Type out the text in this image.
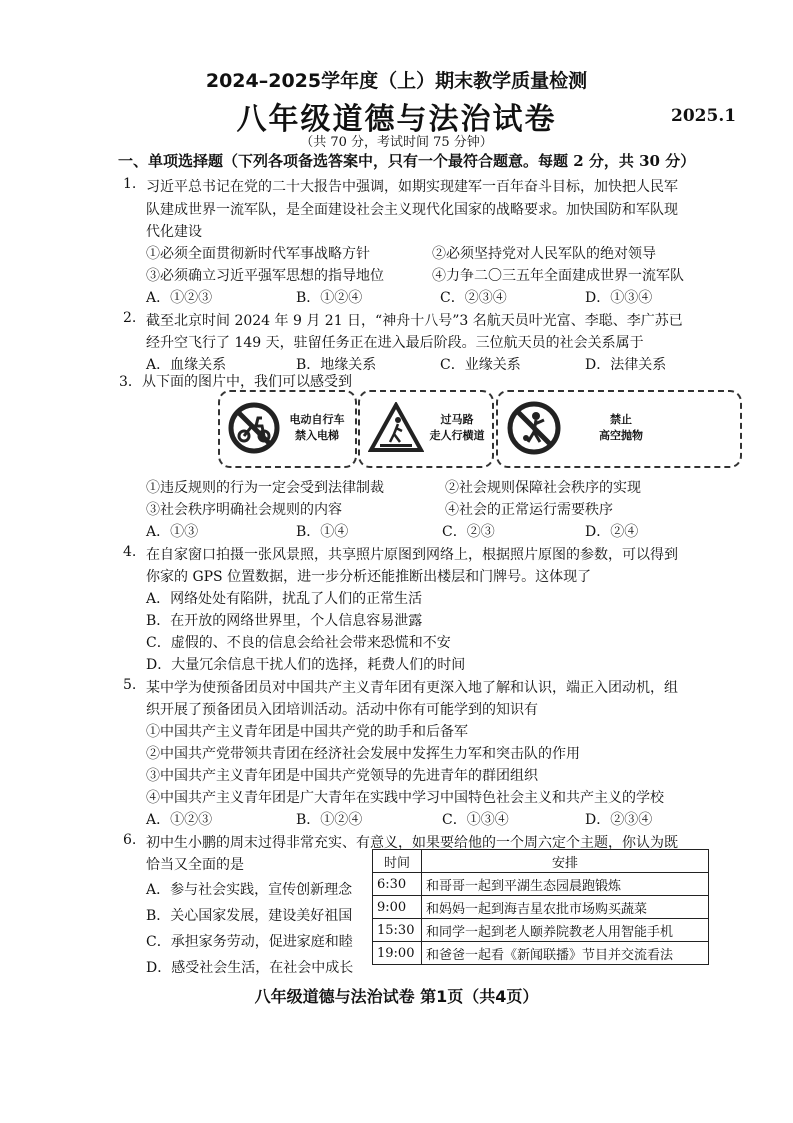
2024–2025学年度（上）期末教学质量检测
八年级道德与法治试卷	2025.1
（共 70 分，考试时间 75 分钟）
一、单项选择题（下列各项备选答案中，只有一个最符合题意。每题 2 分，共 30 分）
1. 习近平总书记在党的二十大报告中强调，如期实现建军一百年奋斗目标，加快把人民军
队建成世界一流军队，是全面建设社会主义现代化国家的战略要求。加快国防和军队现
代化建设
①必须全面贯彻新时代军事战略方针	②必须坚持党对人民军队的绝对领导
③必须确立习近平强军思想的指导地位	④力争二〇三五年全面建成世界一流军队
A．①②③	B．①②④	C．②③④	D．①③④
2. 截至北京时间 2024 年 9 月 21 日，“神舟十八号”3 名航天员叶光富、李聪、李广苏已
经升空飞行了 149 天，驻留任务正在进入最后阶段。三位航天员的社会关系属于
A．血缘关系	B．地缘关系	C．业缘关系	D．法律关系
3． 从下面的图片中，我们可以感受到
电动自行车
禁入电梯
过马路
走人行横道
禁止
高空抛物
①违反规则的行为一定会受到法律制裁	②社会规则保障社会秩序的实现
③社会秩序明确社会规则的内容	④社会的正常运行需要秩序
A．①③	B．①④	C．②③	D．②④
4. 在自家窗口拍摄一张风景照，共享照片原图到网络上，根据照片原图的参数，可以得到
你家的 GPS 位置数据，进一步分析还能推断出楼层和门牌号。这体现了
A．网络处处有陷阱，扰乱了人们的正常生活
B．在开放的网络世界里，个人信息容易泄露
C．虚假的、不良的信息会给社会带来恐慌和不安
D．大量冗余信息干扰人们的选择，耗费人们的时间
5. 某中学为使预备团员对中国共产主义青年团有更深入地了解和认识，端正入团动机，组
织开展了预备团员入团培训活动。活动中你有可能学到的知识有
①中国共产主义青年团是中国共产党的助手和后备军
②中国共产党带领共青团在经济社会发展中发挥生力军和突击队的作用
③中国共产主义青年团是中国共产党领导的先进青年的群团组织
④中国共产主义青年团是广大青年在实践中学习中国特色社会主义和共产主义的学校
A．①②③	B．①②④	C．①③④	D．②③④
6. 初中生小鹏的周末过得非常充实、有意义，如果要给他的一个周六定个主题，你认为既
恰当又全面的是
A．参与社会实践，宣传创新理念
B．关心国家发展，建设美好祖国
C．承担家务劳动，促进家庭和睦
D．感受社会生活，在社会中成长
时间	安排
6:30	和哥哥一起到平湖生态园晨跑锻炼
9:00	和妈妈一起到海吉星农批市场购买蔬菜
15:30	和同学一起到老人颐养院教老人用智能手机
19:00	和爸爸一起看《新闻联播》节目并交流看法
八年级道德与法治试卷 第1页（共4页）
